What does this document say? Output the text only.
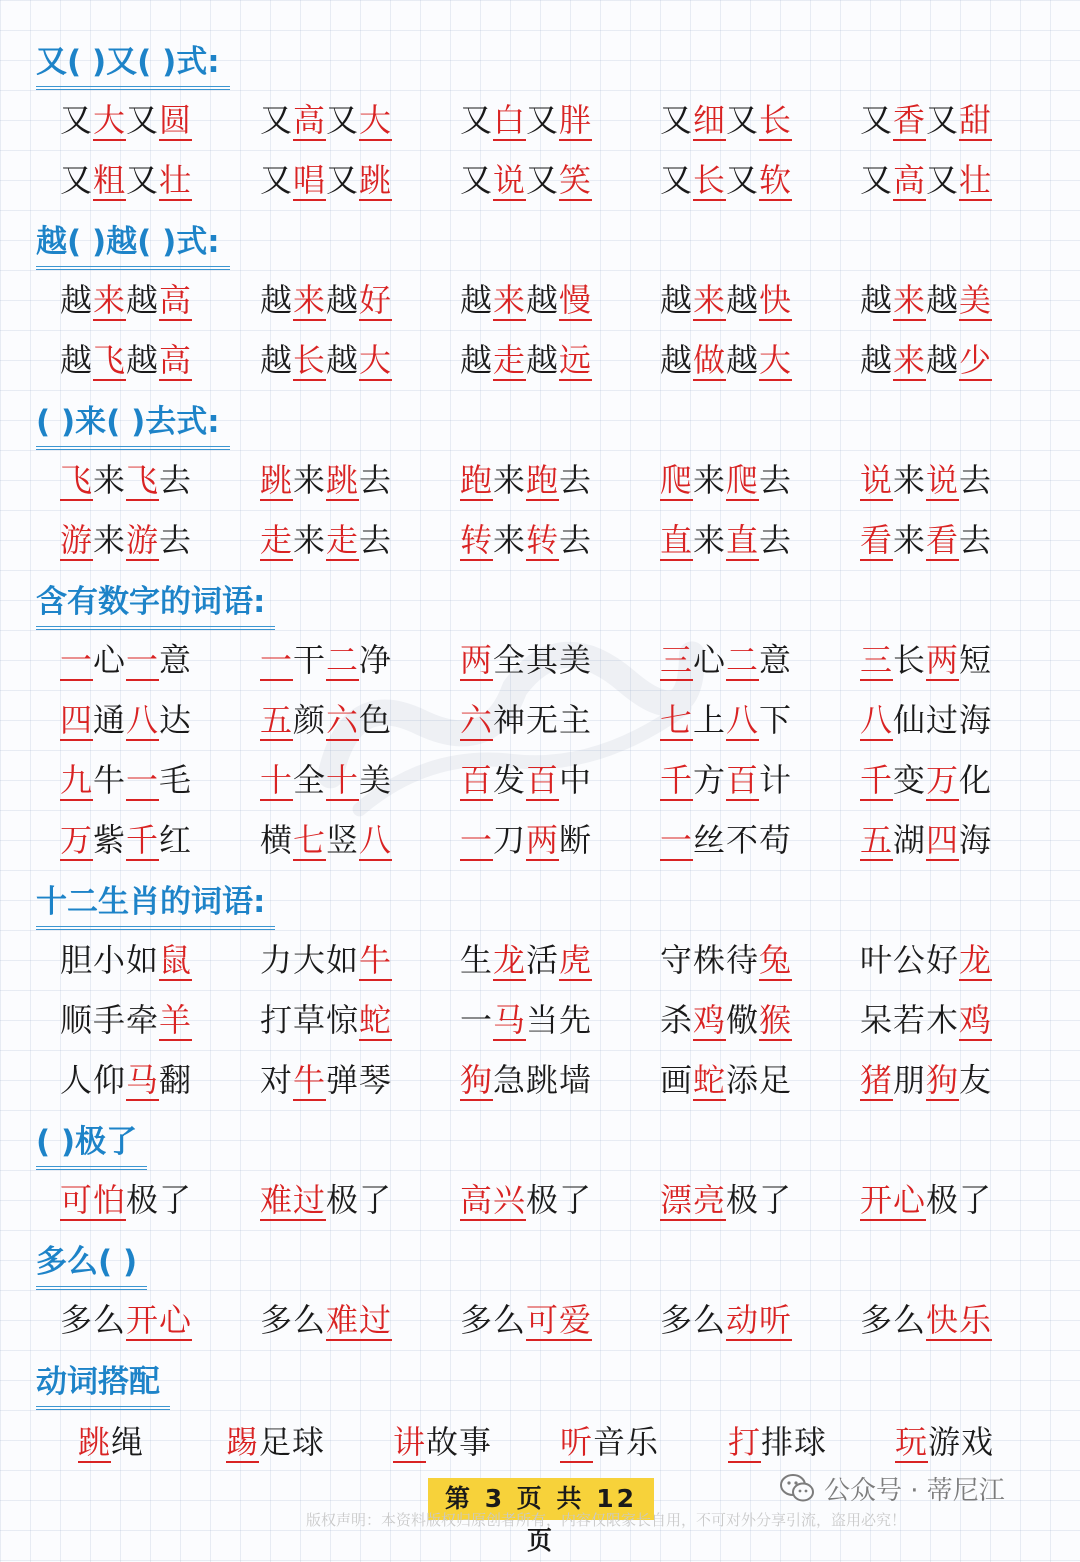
又( )又( )式:
又大又圆 又高又大 又白又胖 又细又长 又香又甜
又粗又壮 又唱又跳 又说又笑 又长又软 又高又壮
越( )越( )式:
越来越高 越来越好 越来越慢 越来越快 越来越美
越飞越高 越长越大 越走越远 越做越大 越来越少
( )来( )去式:
飞来飞去 跳来跳去 跑来跑去 爬来爬去 说来说去
游来游去 走来走去 转来转去 直来直去 看来看去
含有数字的词语:
一心一意 一干二净 两全其美 三心二意 三长两短
四通八达 五颜六色 六神无主 七上八下 八仙过海
九牛一毛 十全十美 百发百中 千方百计 千变万化
万紫千红 横七竖八 一刀两断 一丝不苟 五湖四海
十二生肖的词语:
胆小如鼠 力大如牛 生龙活虎 守株待兔 叶公好龙
顺手牵羊 打草惊蛇 一马当先 杀鸡儆猴 呆若木鸡
人仰马翻 对牛弹琴 狗急跳墙 画蛇添足 猪朋狗友
( )极了
可怕极了 难过极了 高兴极了 漂亮极了 开心极了
多么( )
多么开心 多么难过 多么可爱 多么动听 多么快乐
动词搭配
跳绳	踢足球 讲故事 听音乐 打排球 玩游戏
第 3 页 共 12 页
公众号 · 蒂尼江
版权声明：本资料版权归原创者所有，内容仅限家长自用，不可对外分享引流，盗用必究！
